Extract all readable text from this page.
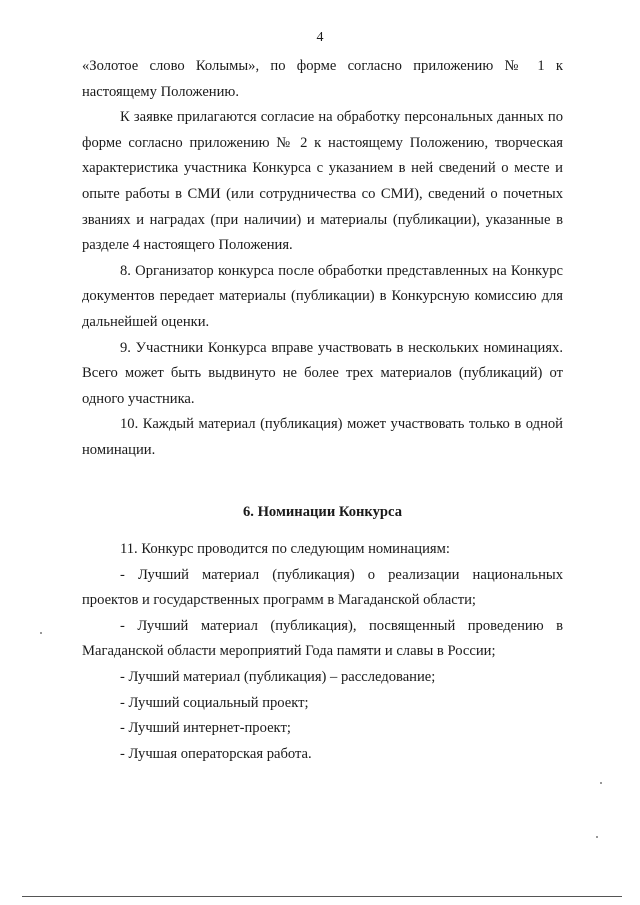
4

«Золотое слово Колымы», по форме согласно приложению № 1 к настоящему Положению.

К заявке прилагаются согласие на обработку персональных данных по форме согласно приложению № 2 к настоящему Положению, творческая характеристика участника Конкурса с указанием в ней сведений о месте и опыте работы в СМИ (или сотрудничества со СМИ), сведений о почетных званиях и наградах (при наличии) и материалы (публикации), указанные в разделе 4 настоящего Положения.

8. Организатор конкурса после обработки представленных на Конкурс документов передает материалы (публикации) в Конкурсную комиссию для дальнейшей оценки.

9. Участники Конкурса вправе участвовать в нескольких номинациях. Всего может быть выдвинуто не более трех материалов (публикаций) от одного участника.

10. Каждый материал (публикация) может участвовать только в одной номинации.

6. Номинации Конкурса

11. Конкурс проводится по следующим номинациям:

- Лучший материал (публикация) о реализации национальных проектов и государственных программ в Магаданской области;

- Лучший материал (публикация), посвященный проведению в Магаданской области мероприятий Года памяти и славы в России;

- Лучший материал (публикация) – расследование;

- Лучший социальный проект;

- Лучший интернет-проект;

- Лучшая операторская работа.
